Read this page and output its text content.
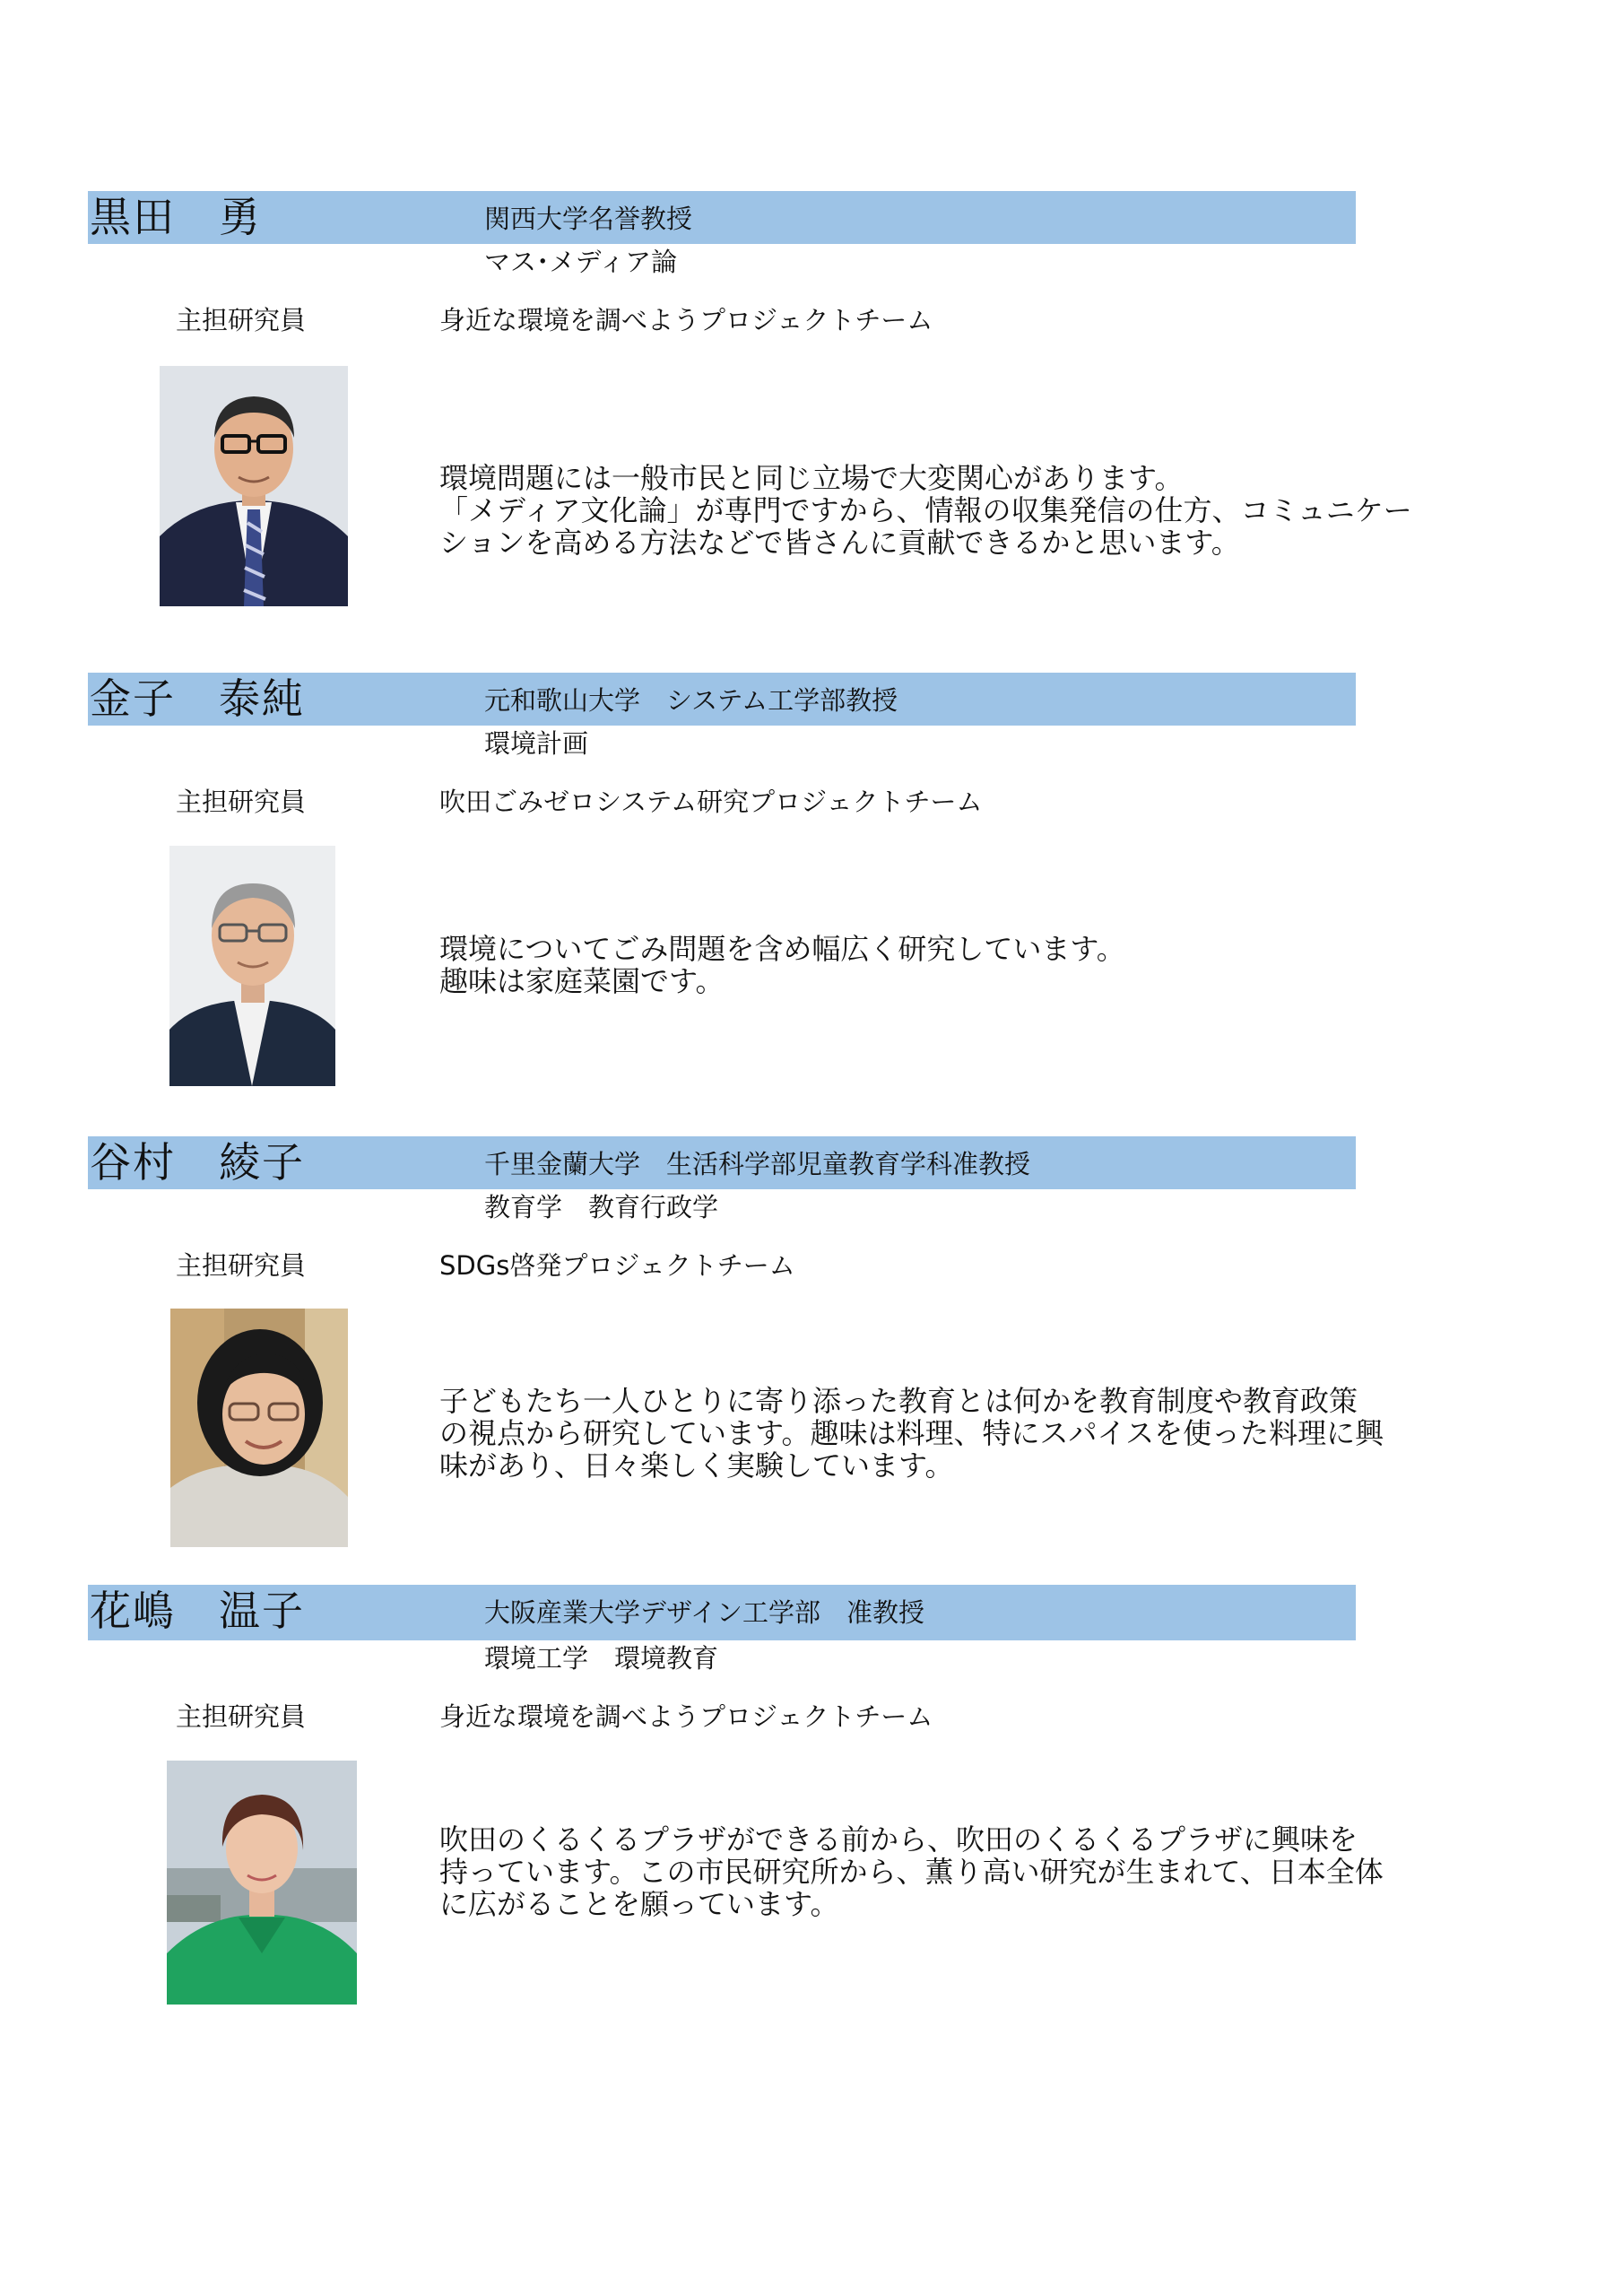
黒田　勇	関西大学名誉教授
マス･メディア論
主担研究員	身近な環境を調べようプロジェクトチーム
環境問題には一般市民と同じ立場で大変関心があります。
「メディア文化論」が専門ですから、情報の収集発信の仕方、コミュニケー
ションを高める方法などで皆さんに貢献できるかと思います。
金子　泰純	元和歌山大学　システム工学部教授
環境計画
主担研究員	吹田ごみゼロシステム研究プロジェクトチーム
環境についてごみ問題を含め幅広く研究しています。
趣味は家庭菜園です。
谷村　綾子	千里金蘭大学　生活科学部児童教育学科准教授
教育学　教育行政学
主担研究員	SDGs啓発プロジェクトチーム
子どもたち一人ひとりに寄り添った教育とは何かを教育制度や教育政策
の視点から研究しています。趣味は料理、特にスパイスを使った料理に興
味があり、日々楽しく実験しています。
花嶋　温子	大阪産業大学デザイン工学部　准教授
環境工学　環境教育
主担研究員	身近な環境を調べようプロジェクトチーム
吹田のくるくるプラザができる前から、吹田のくるくるプラザに興味を
持っています。この市民研究所から、薫り高い研究が生まれて、日本全体
に広がることを願っています。
